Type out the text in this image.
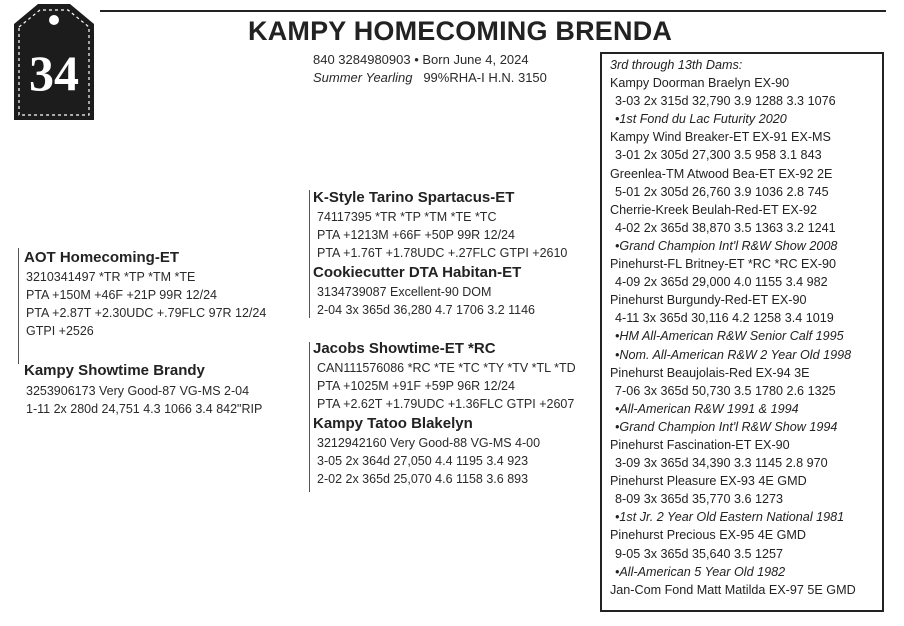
34
KAMPY HOMECOMING BRENDA
840 3284980903 • Born June 4, 2024
Summer Yearling 99%RHA-I H.N. 3150
AOT Homecoming-ET
3210341497 *TR *TP *TM *TE
PTA +150M +46F +21P 99R 12/24
PTA +2.87T +2.30UDC +.79FLC 97R 12/24
GTPI +2526
Kampy Showtime Brandy
3253906173 Very Good-87 VG-MS 2-04
1-11 2x 280d 24,751 4.3 1066 3.4 842"RIP
K-Style Tarino Spartacus-ET
74117395 *TR *TP *TM *TE *TC
PTA +1213M +66F +50P 99R 12/24
PTA +1.76T +1.78UDC +.27FLC GTPI +2610
Cookiecutter DTA Habitan-ET
3134739087 Excellent-90 DOM
2-04 3x 365d 36,280 4.7 1706 3.2 1146
Jacobs Showtime-ET *RC
CAN111576086 *RC *TE *TC *TY *TV *TL *TD
PTA +1025M +91F +59P 96R 12/24
PTA +2.62T +1.79UDC +1.36FLC GTPI +2607
Kampy Tatoo Blakelyn
3212942160 Very Good-88 VG-MS 4-00
3-05 2x 364d 27,050 4.4 1195 3.4 923
2-02 2x 365d 25,070 4.6 1158 3.6 893
3rd through 13th Dams:
Kampy Doorman Braelyn EX-90
3-03 2x 315d 32,790 3.9 1288 3.3 1076
•1st Fond du Lac Futurity 2020
Kampy Wind Breaker-ET EX-91 EX-MS
3-01 2x 305d 27,300 3.5 958 3.1 843
Greenlea-TM Atwood Bea-ET EX-92 2E
5-01 2x 305d 26,760 3.9 1036 2.8 745
Cherrie-Kreek Beulah-Red-ET EX-92
4-02 2x 365d 38,870 3.5 1363 3.2 1241
•Grand Champion Int'l R&W Show 2008
Pinehurst-FL Britney-ET *RC *RC EX-90
4-09 2x 365d 29,000 4.0 1155 3.4 982
Pinehurst Burgundy-Red-ET EX-90
4-11 3x 365d 30,116 4.2 1258 3.4 1019
•HM All-American R&W Senior Calf 1995
•Nom. All-American R&W 2 Year Old 1998
Pinehurst Beaujolais-Red EX-94 3E
7-06 3x 365d 50,730 3.5 1780 2.6 1325
•All-American R&W 1991 & 1994
•Grand Champion Int'l R&W Show 1994
Pinehurst Fascination-ET EX-90
3-09 3x 365d 34,390 3.3 1145 2.8 970
Pinehurst Pleasure EX-93 4E GMD
8-09 3x 365d 35,770 3.6 1273
•1st Jr. 2 Year Old Eastern National 1981
Pinehurst Precious EX-95 4E GMD
9-05 3x 365d 35,640 3.5 1257
•All-American 5 Year Old 1982
Jan-Com Fond Matt Matilda EX-97 5E GMD
